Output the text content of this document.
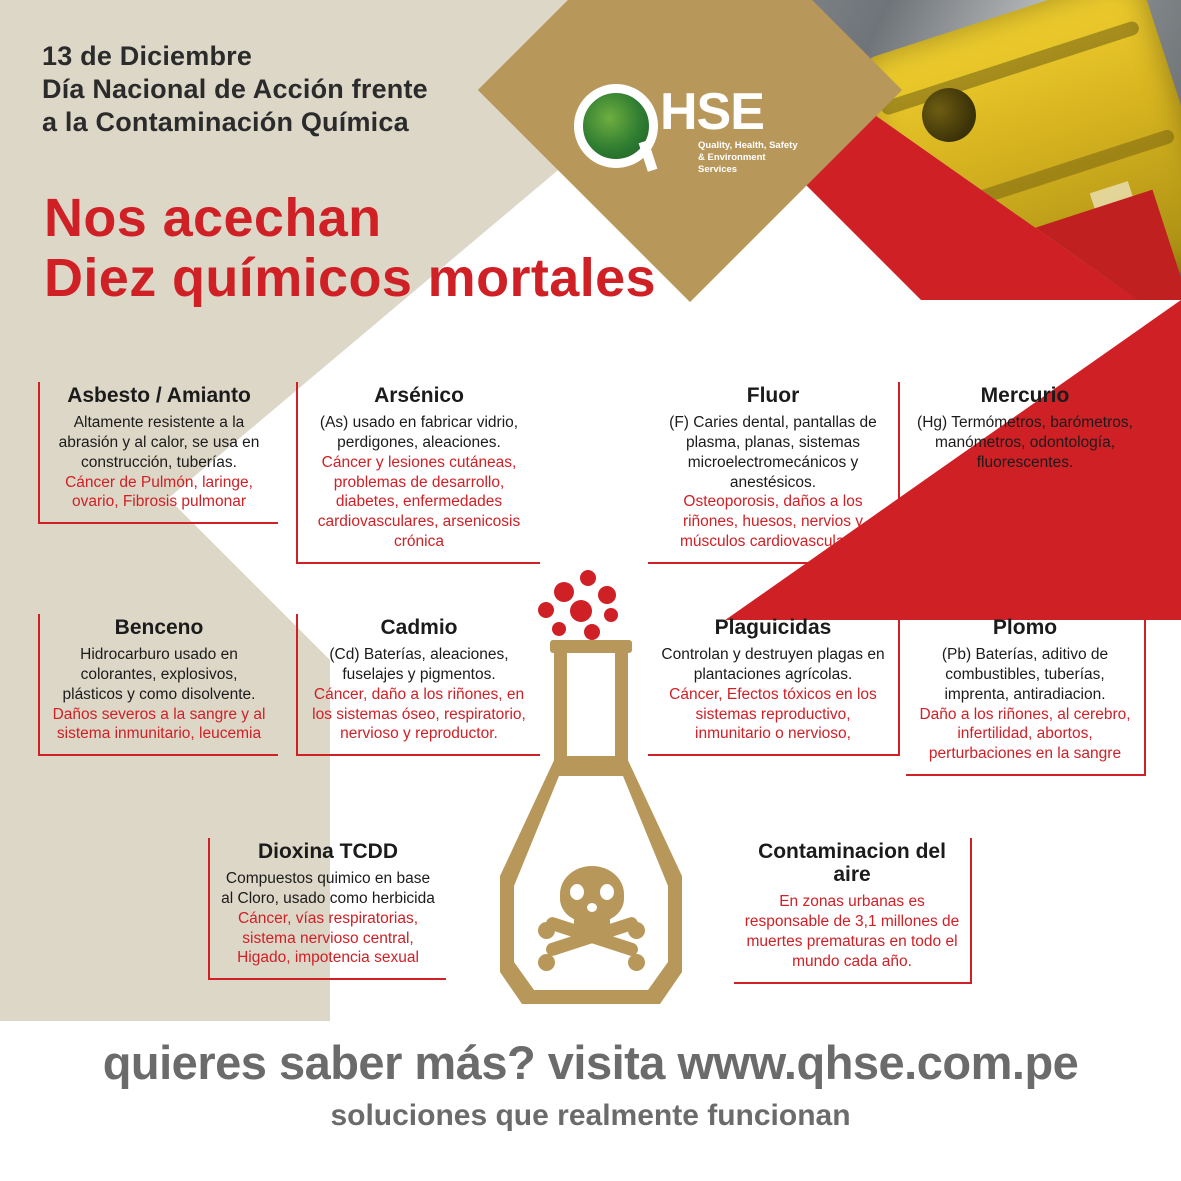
13 de Diciembre
Día Nacional de Acción frente
a la Contaminación Química
Nos acechan
Diez químicos mortales
HSE
Quality, Health, Safety & Environment Services
Asbesto / Amianto
Altamente resistente a la abrasión y al calor, se usa en construcción, tuberías.
Cáncer de Pulmón, laringe, ovario, Fibrosis pulmonar
Arsénico
(As) usado en fabricar vidrio, perdigones, aleaciones.
Cáncer y lesiones cutáneas, problemas de desarrollo, diabetes, enfermedades cardiovasculares, arsenicosis crónica
Fluor
(F) Caries dental, pantallas de plasma, planas, sistemas microelectromecánicos y anestésicos.
Osteoporosis, daños a los riñones, huesos, nervios y músculos cardiovasculares
Mercurio
(Hg) Termómetros, barómetros, manómetros, odontología, fluorescentes.
Sistema nervioso, cerebro, riñones, pulmones, en el feto, teratogénesis.
Benceno
Hidrocarburo usado en colorantes, explosivos, plásticos y como disolvente.
Daños severos a la sangre y al sistema inmunitario, leucemia
Cadmio
(Cd) Baterías, aleaciones, fuselajes y pigmentos.
Cáncer, daño a los riñones, en los sistemas óseo, respiratorio, nervioso y reproductor.
Plaguicidas
Controlan y destruyen plagas en plantaciones agrícolas.
Cáncer, Efectos tóxicos en los sistemas reproductivo, inmunitario o nervioso,
Plomo
(Pb) Baterías, aditivo de combustibles, tuberías, imprenta, antiradiacion.
Daño a los riñones, al cerebro, infertilidad, abortos, perturbaciones en la sangre
Dioxina TCDD
Compuestos quimico en base al Cloro, usado como herbicida
Cáncer, vías respiratorias, sistema nervioso central, Higado, impotencia sexual
Contaminacion del aire
En zonas urbanas es responsable de 3,1 millones de muertes prematuras en todo el mundo cada año.
quieres saber más? visita www.qhse.com.pe
soluciones que realmente funcionan
